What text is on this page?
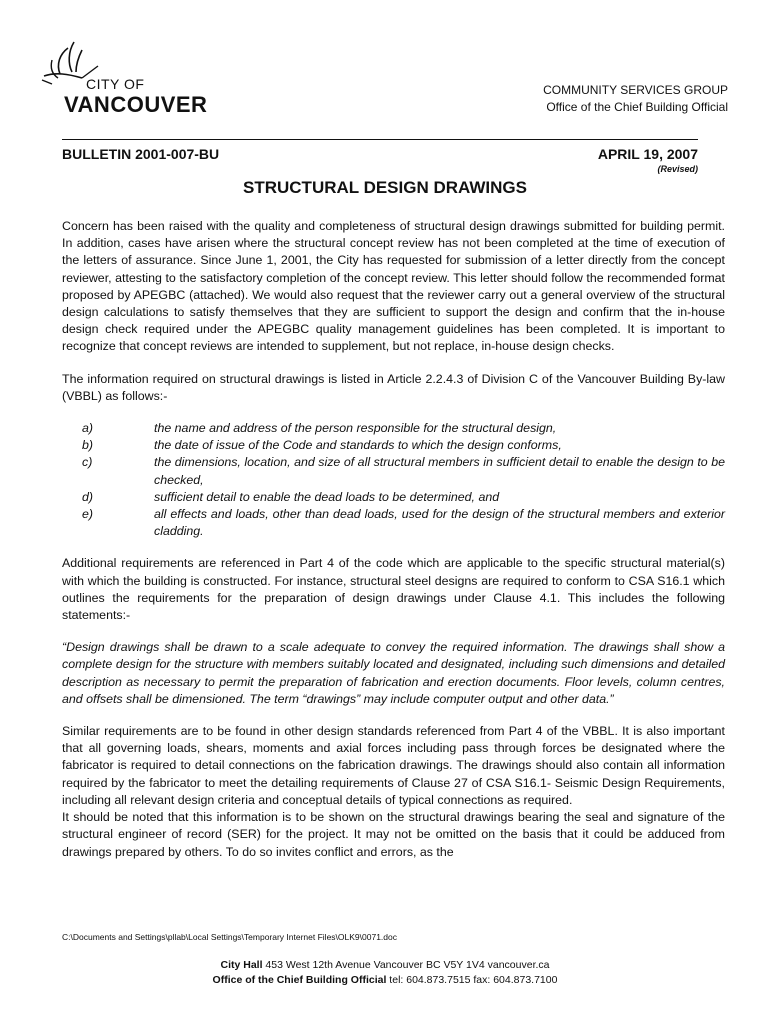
CITY OF
VANCOUVER
COMMUNITY SERVICES GROUP
Office of the Chief Building Official
BULLETIN 2001-007-BU	APRIL 19, 2007
(Revised)
STRUCTURAL DESIGN DRAWINGS

Concern has been raised with the quality and completeness of structural design drawings submitted for building permit. In addition, cases have arisen where the structural concept review has not been completed at the time of execution of the letters of assurance. Since June 1, 2001, the City has requested for submission of a letter directly from the concept reviewer, attesting to the satisfactory completion of the concept review. This letter should follow the recommended format proposed by APEGBC (attached). We would also request that the reviewer carry out a general overview of the structural design calculations to satisfy themselves that they are sufficient to support the design and confirm that the in-house design check required under the APEGBC quality management guidelines has been completed. It is important to recognize that concept reviews are intended to supplement, but not replace, in-house design checks.

The information required on structural drawings is listed in Article 2.2.4.3 of Division C of the Vancouver Building By-law (VBBL) as follows:-

a)	the name and address of the person responsible for the structural design,
b)	the date of issue of the Code and standards to which the design conforms,
c)	the dimensions, location, and size of all structural members in sufficient detail to enable the design to be checked,
d)	sufficient detail to enable the dead loads to be determined, and
e)	all effects and loads, other than dead loads, used for the design of the structural members and exterior cladding.

Additional requirements are referenced in Part 4 of the code which are applicable to the specific structural material(s) with which the building is constructed. For instance, structural steel designs are required to conform to CSA S16.1 which outlines the requirements for the preparation of design drawings under Clause 4.1. This includes the following statements:-

“Design drawings shall be drawn to a scale adequate to convey the required information. The drawings shall show a complete design for the structure with members suitably located and designated, including such dimensions and detailed description as necessary to permit the preparation of fabrication and erection documents. Floor levels, column centres, and offsets shall be dimensioned. The term “drawings” may include computer output and other data.”

Similar requirements are to be found in other design standards referenced from Part 4 of the VBBL. It is also important that all governing loads, shears, moments and axial forces including pass through forces be designated where the fabricator is required to detail connections on the fabrication drawings. The drawings should also contain all information required by the fabricator to meet the detailing requirements of Clause 27 of CSA S16.1- Seismic Design Requirements, including all relevant design criteria and conceptual details of typical connections as required.

It should be noted that this information is to be shown on the structural drawings bearing the seal and signature of the structural engineer of record (SER) for the project. It may not be omitted on the basis that it could be adduced from drawings prepared by others. To do so invites conflict and errors, as the

C:\Documents and Settings\pllab\Local Settings\Temporary Internet Files\OLK9\0071.doc
City Hall 453 West 12th Avenue Vancouver BC V5Y 1V4 vancouver.ca
Office of the Chief Building Official tel: 604.873.7515 fax: 604.873.7100
